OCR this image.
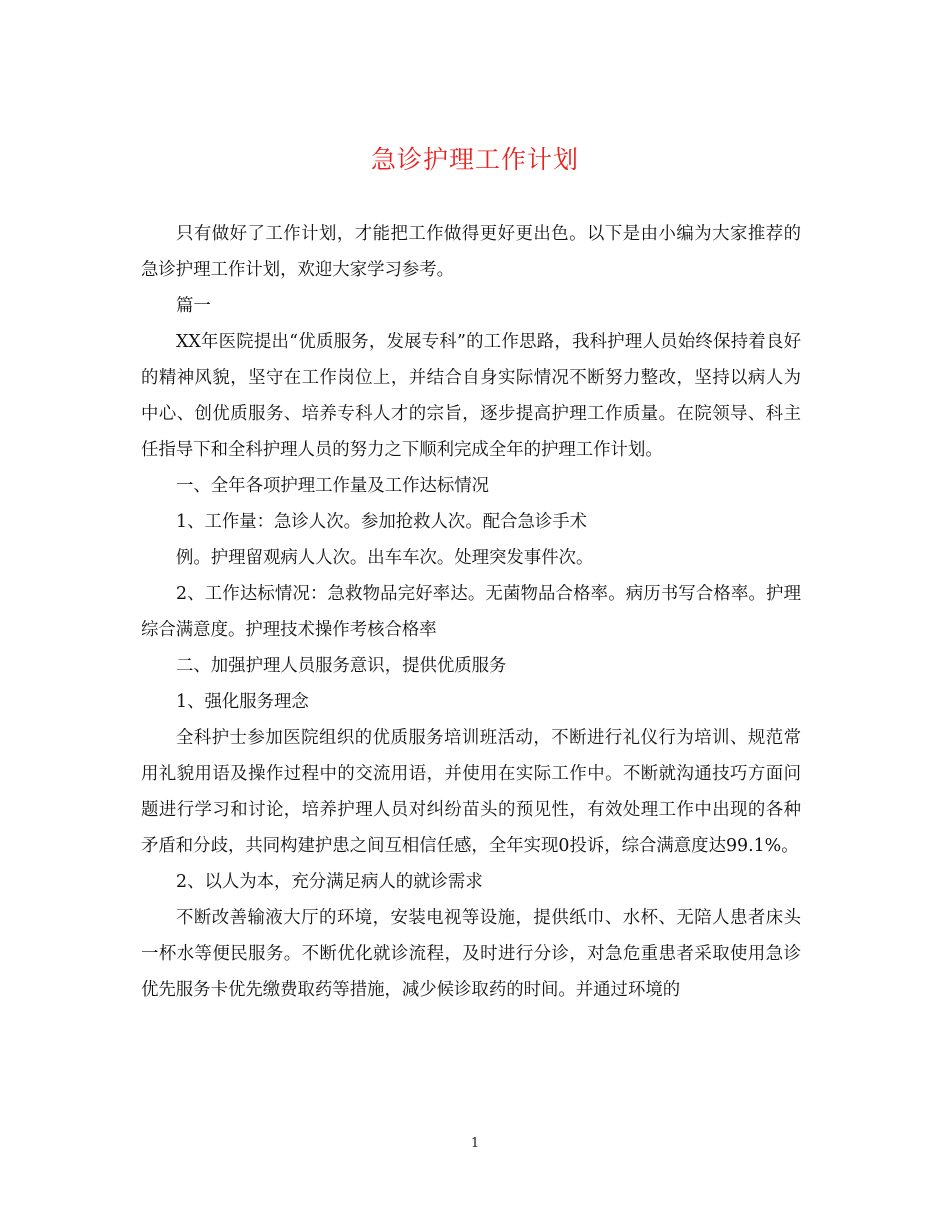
急诊护理工作计划

只有做好了工作计划，才能把工作做得更好更出色。以下是由小编为大家推荐的急诊护理工作计划，欢迎大家学习参考。

篇一

XX年医院提出“优质服务，发展专科”的工作思路，我科护理人员始终保持着良好的精神风貌，坚守在工作岗位上，并结合自身实际情况不断努力整改，坚持以病人为中心、创优质服务、培养专科人才的宗旨，逐步提高护理工作质量。在院领导、科主任指导下和全科护理人员的努力之下顺利完成全年的护理工作计划。

一、全年各项护理工作量及工作达标情况

1、工作量：急诊人次。参加抢救人次。配合急诊手术

例。护理留观病人人次。出车车次。处理突发事件次。

2、工作达标情况：急救物品完好率达。无菌物品合格率。病历书写合格率。护理综合满意度。护理技术操作考核合格率

二、加强护理人员服务意识，提供优质服务

1、强化服务理念

全科护士参加医院组织的优质服务培训班活动，不断进行礼仪行为培训、规范常用礼貌用语及操作过程中的交流用语，并使用在实际工作中。不断就沟通技巧方面问题进行学习和讨论，培养护理人员对纠纷苗头的预见性，有效处理工作中出现的各种矛盾和分歧，共同构建护患之间互相信任感，全年实现0投诉，综合满意度达99.1%。

2、以人为本，充分满足病人的就诊需求

不断改善输液大厅的环境，安装电视等设施，提供纸巾、水杯、无陪人患者床头一杯水等便民服务。不断优化就诊流程，及时进行分诊，对急危重患者采取使用急诊优先服务卡优先缴费取药等措施，减少候诊取药的时间。并通过环境的

1
